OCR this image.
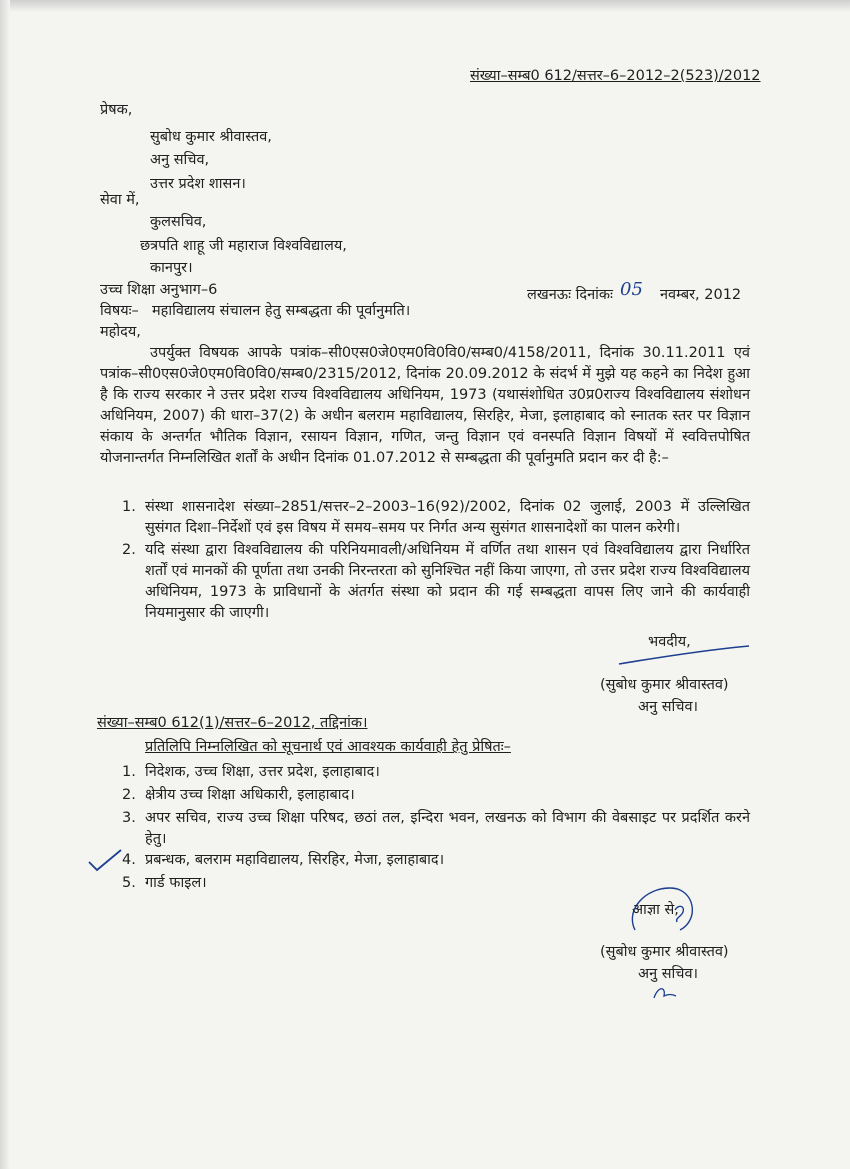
संख्या–सम्ब0 612/सत्तर–6–2012–2(523)/2012
प्रेषक,
सुबोध कुमार श्रीवास्तव,
अनु सचिव,
उत्तर प्रदेश शासन।
सेवा में,
कुलसचिव,
छत्रपति शाहू जी महाराज विश्वविद्यालय,
कानपुर।
उच्च शिक्षा अनुभाग–6	लखनऊः दिनांकः 05 नवम्बर, 2012
विषयः– महाविद्यालय संचालन हेतु सम्बद्धता की पूर्वानुमति।
महोदय,
उपर्युक्त विषयक आपके पत्रांक–सी0एस0जे0एम0वि0वि0/सम्ब0/4158/2011, दिनांक 30.11.2011 एवं पत्रांक–सी0एस0जे0एम0वि0वि0/सम्ब0/2315/2012, दिनांक 20.09.2012 के संदर्भ में मुझे यह कहने का निदेश हुआ है कि राज्य सरकार ने उत्तर प्रदेश राज्य विश्वविद्यालय अधिनियम, 1973 (यथासंशोधित उ0प्र0राज्य विश्वविद्यालय संशोधन अधिनियम, 2007) की धारा–37(2) के अधीन बलराम महाविद्यालय, सिरहिर, मेजा, इलाहाबाद को स्नातक स्तर पर विज्ञान संकाय के अन्तर्गत भौतिक विज्ञान, रसायन विज्ञान, गणित, जन्तु विज्ञान एवं वनस्पति विज्ञान विषयों में स्ववित्तपोषित योजनान्तर्गत निम्नलिखित शर्तों के अधीन दिनांक 01.07.2012 से सम्बद्धता की पूर्वानुमति प्रदान कर दी है:–
1. संस्था शासनादेश संख्या–2851/सत्तर–2–2003–16(92)/2002, दिनांक 02 जुलाई, 2003 में उल्लिखित सुसंगत दिशा–निर्देशों एवं इस विषय में समय–समय पर निर्गत अन्य सुसंगत शासनादेशों का पालन करेगी।
2. यदि संस्था द्वारा विश्वविद्यालय की परिनियमावली/अधिनियम में वर्णित तथा शासन एवं विश्वविद्यालय द्वारा निर्धारित शर्तों एवं मानकों की पूर्णता तथा उनकी निरन्तरता को सुनिश्चित नहीं किया जाएगा, तो उत्तर प्रदेश राज्य विश्वविद्यालय अधिनियम, 1973 के प्राविधानों के अंतर्गत संस्था को प्रदान की गई सम्बद्धता वापस लिए जाने की कार्यवाही नियमानुसार की जाएगी।
भवदीय,
(सुबोध कुमार श्रीवास्तव)
अनु सचिव।
संख्या–सम्ब0 612(1)/सत्तर–6–2012, तद्दिनांक।
प्रतिलिपि निम्नलिखित को सूचनार्थ एवं आवश्यक कार्यवाही हेतु प्रेषितः–
1. निदेशक, उच्च शिक्षा, उत्तर प्रदेश, इलाहाबाद।
2. क्षेत्रीय उच्च शिक्षा अधिकारी, इलाहाबाद।
3. अपर सचिव, राज्य उच्च शिक्षा परिषद, छठां तल, इन्दिरा भवन, लखनऊ को विभाग की वेबसाइट पर प्रदर्शित करने हेतु।
4. प्रबन्धक, बलराम महाविद्यालय, सिरहिर, मेजा, इलाहाबाद।
5. गार्ड फाइल।
आज्ञा से,
(सुबोध कुमार श्रीवास्तव)
अनु सचिव।
